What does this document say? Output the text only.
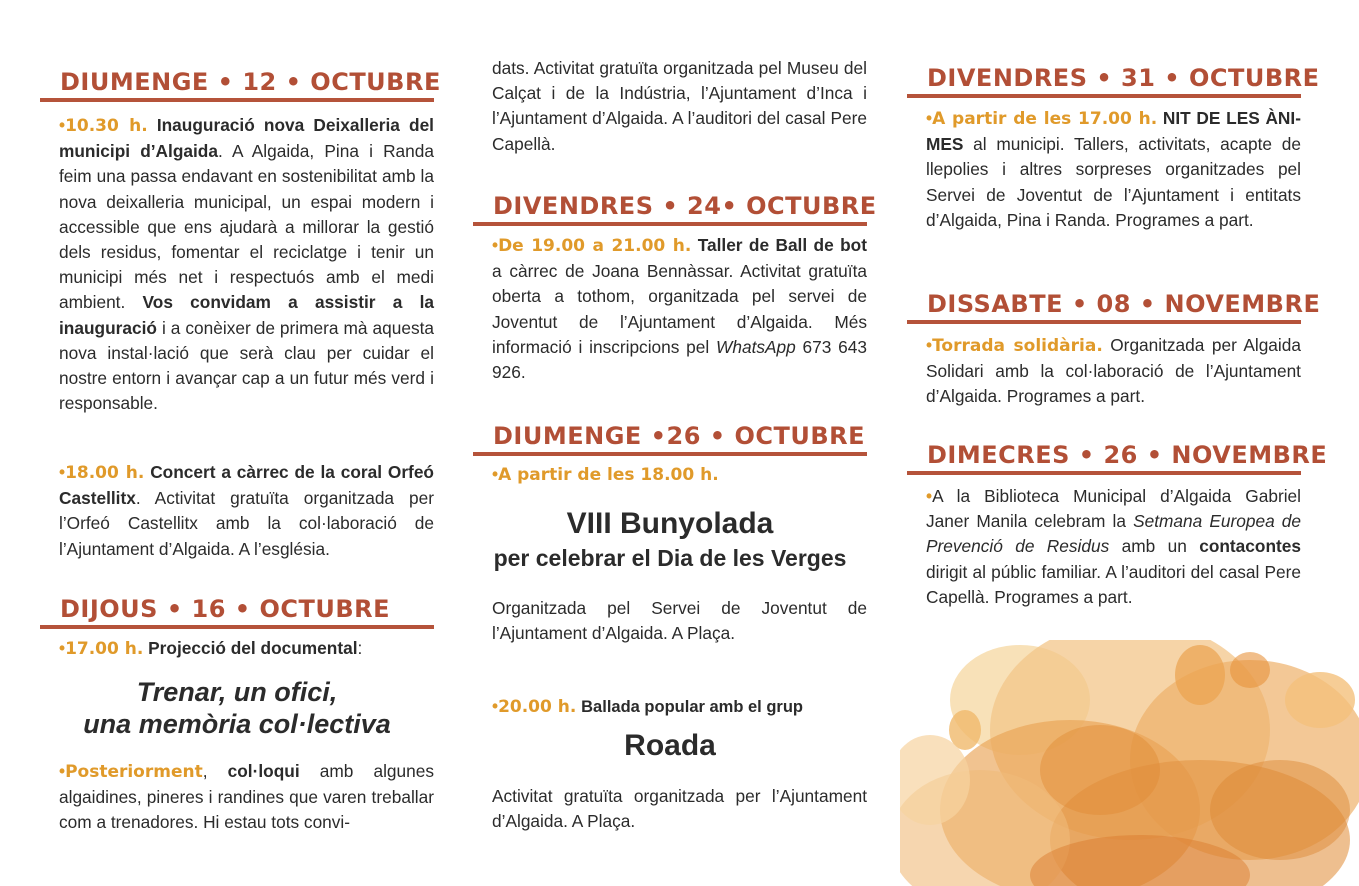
DIUMENGE • 12 • OCTUBRE
•10.30 h. Inauguració nova Deixalleria del municipi d’Algaida. A Algaida, Pina i Randa feim una passa endavant en sostenibilitat amb la nova deixalleria municipal, un espai modern i accessible que ens ajudarà a millorar la gestió dels residus, fomentar el reciclatge i tenir un municipi més net i respectuós amb el medi ambient. Vos convidam a assistir a la inauguració i a conèixer de primera mà aquesta nova instal·lació que serà clau per cuidar el nostre entorn i avançar cap a un futur més verd i responsable.
•18.00 h. Concert a càrrec de la coral Orfeó Castellitx. Activitat gratuïta organitzada per l’Orfeó Castellitx amb la col·laboració de l’Ajuntament d’Algaida. A l’església.
DIJOUS • 16 • OCTUBRE
•17.00 h. Projecció del documental:
Trenar, un ofici,
una memòria col·lectiva
•Posteriorment, col·loqui amb algunes algaidines, pineres i randines que varen treballar com a trenadores. Hi estau tots convi-
dats. Activitat gratuïta organitzada pel Museu del Calçat i de la Indústria, l’Ajuntament d’Inca i l’Ajuntament d’Algaida. A l’auditori del casal Pere Capellà.
DIVENDRES • 24• OCTUBRE
•De 19.00 a 21.00 h. Taller de Ball de bot a càrrec de Joana Bennàssar. Activitat gratuïta oberta a tothom, organitzada pel servei de Joventut de l’Ajuntament d’Algaida. Més informació i inscripcions pel WhatsApp 673 643 926.
DIUMENGE •26 • OCTUBRE
•A partir de les 18.00 h.
VIII Bunyolada
per celebrar el Dia de les Verges
Organitzada pel Servei de Joventut de l’Ajuntament d’Algaida. A Plaça.
•20.00 h. Ballada popular amb el grup
Roada
Activitat gratuïta organitzada per l’Ajuntament d’Algaida. A Plaça.
DIVENDRES • 31 • OCTUBRE
•A partir de les 17.00 h. NIT DE LES ÀNIMES al municipi. Tallers, activitats, acapte de llepolies i altres sorpreses organitzades pel Servei de Joventut de l’Ajuntament i entitats d’Algaida, Pina i Randa. Programes a part.
DISSABTE • 08 • NOVEMBRE
•Torrada solidària. Organitzada per Algaida Solidari amb la col·laboració de l’Ajuntament d’Algaida. Programes a part.
DIMECRES • 26 • NOVEMBRE
•A la Biblioteca Municipal d’Algaida Gabriel Janer Manila celebram la Setmana Europea de Prevenció de Residus amb un contacontes dirigit al públic familiar. A l’auditori del casal Pere Capellà. Programes a part.
